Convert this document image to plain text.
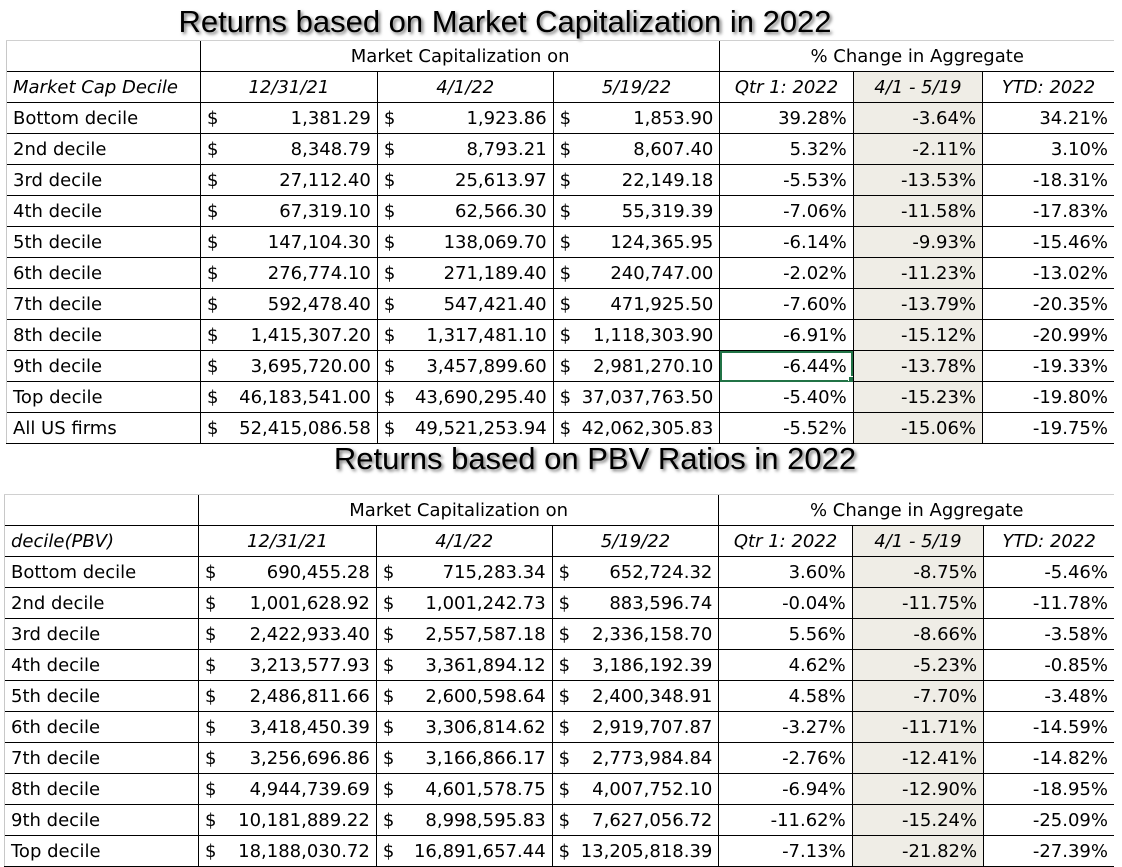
Returns based on Market Capitalization in 2022
	Market Capitalization on			% Change in Aggregate		
Market Cap Decile	12/31/21	4/1/22	5/19/22	Qtr 1: 2022	4/1 - 5/19	YTD: 2022
Bottom decile	$ 1,381.29	$ 1,923.86	$ 1,853.90	39.28%	-3.64%	34.21%
2nd decile	$ 8,348.79	$ 8,793.21	$ 8,607.40	5.32%	-2.11%	3.10%
3rd decile	$ 27,112.40	$ 25,613.97	$ 22,149.18	-5.53%	-13.53%	-18.31%
4th decile	$ 67,319.10	$ 62,566.30	$ 55,319.39	-7.06%	-11.58%	-17.83%
5th decile	$ 147,104.30	$ 138,069.70	$ 124,365.95	-6.14%	-9.93%	-15.46%
6th decile	$ 276,774.10	$ 271,189.40	$ 240,747.00	-2.02%	-11.23%	-13.02%
7th decile	$ 592,478.40	$ 547,421.40	$ 471,925.50	-7.60%	-13.79%	-20.35%
8th decile	$ 1,415,307.20	$ 1,317,481.10	$ 1,118,303.90	-6.91%	-15.12%	-20.99%
9th decile	$ 3,695,720.00	$ 3,457,899.60	$ 2,981,270.10	-6.44%	-13.78%	-19.33%
Top decile	$ 46,183,541.00	$ 43,690,295.40	$ 37,037,763.50	-5.40%	-15.23%	-19.80%
All US firms	$ 52,415,086.58	$ 49,521,253.94	$ 42,062,305.83	-5.52%	-15.06%	-19.75%
Returns based on PBV Ratios in 2022
	Market Capitalization on			% Change in Aggregate		
decile(PBV)	12/31/21	4/1/22	5/19/22	Qtr 1: 2022	4/1 - 5/19	YTD: 2022
Bottom decile	$ 690,455.28	$ 715,283.34	$ 652,724.32	3.60%	-8.75%	-5.46%
2nd decile	$ 1,001,628.92	$ 1,001,242.73	$ 883,596.74	-0.04%	-11.75%	-11.78%
3rd decile	$ 2,422,933.40	$ 2,557,587.18	$ 2,336,158.70	5.56%	-8.66%	-3.58%
4th decile	$ 3,213,577.93	$ 3,361,894.12	$ 3,186,192.39	4.62%	-5.23%	-0.85%
5th decile	$ 2,486,811.66	$ 2,600,598.64	$ 2,400,348.91	4.58%	-7.70%	-3.48%
6th decile	$ 3,418,450.39	$ 3,306,814.62	$ 2,919,707.87	-3.27%	-11.71%	-14.59%
7th decile	$ 3,256,696.86	$ 3,166,866.17	$ 2,773,984.84	-2.76%	-12.41%	-14.82%
8th decile	$ 4,944,739.69	$ 4,601,578.75	$ 4,007,752.10	-6.94%	-12.90%	-18.95%
9th decile	$ 10,181,889.22	$ 8,998,595.83	$ 7,627,056.72	-11.62%	-15.24%	-25.09%
Top decile	$ 18,188,030.72	$ 16,891,657.44	$ 13,205,818.39	-7.13%	-21.82%	-27.39%
